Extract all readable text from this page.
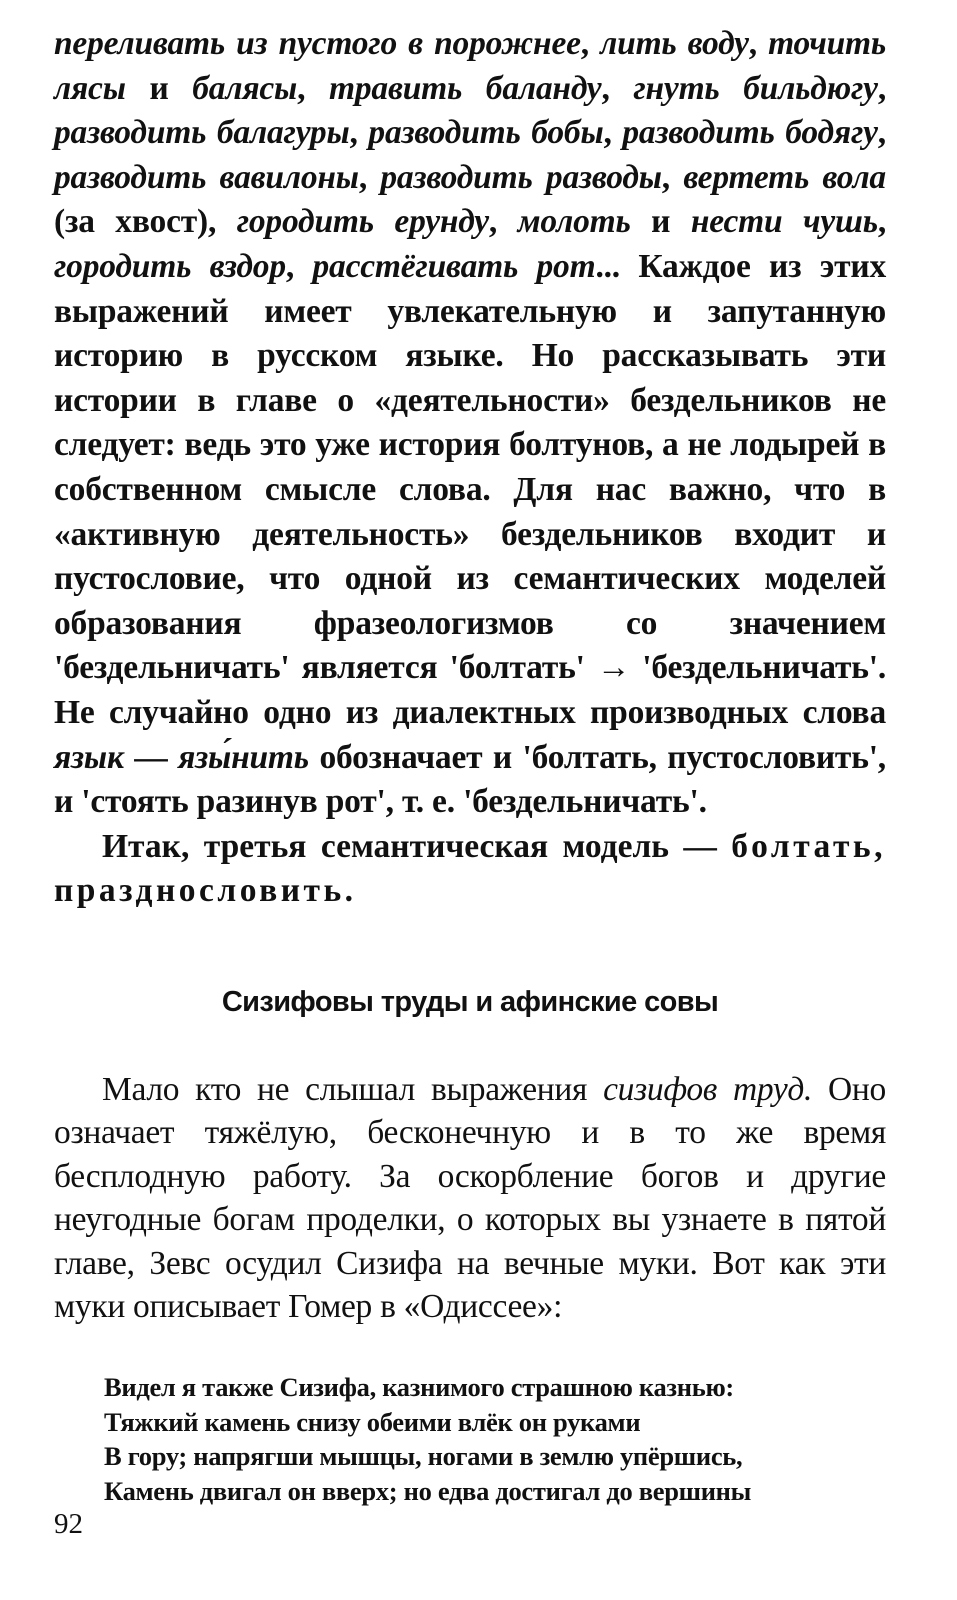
переливать из пустого в порожнее, лить воду, точить лясы и балясы, травить баланду, гнуть бильдюгу, разводить балагуры, разводить бобы, разводить бодягу, разводить вавилоны, разводить разводы, вертеть вола (за хвост), городить ерунду, молоть и нести чушь, городить вздор, расстёгивать рот... Каждое из этих выражений имеет увлекательную и запутанную историю в русском языке. Но рассказывать эти истории в главе о «деятельности» бездельников не следует: ведь это уже история болтунов, а не лодырей в собственном смысле слова. Для нас важно, что в «активную деятельность» бездельников входит и пустословие, что одной из семантических моделей образования фразеологизмов со значением 'бездельничать' является 'болтать' → 'бездельничать'. Не случайно одно из диалектных производных слова язык — язы́нить обозначает и 'болтать, пустословить', и 'стоять разинув рот', т. е. 'бездельничать'.

Итак, третья семантическая модель — болтать, празднословить.

Сизифовы труды и афинские совы

Мало кто не слышал выражения сизифов труд. Оно означает тяжёлую, бесконечную и в то же время бесплодную работу. За оскорбление богов и другие неугодные богам проделки, о которых вы узнаете в пятой главе, Зевс осудил Сизифа на вечные муки. Вот как эти муки описывает Гомер в «Одиссее»:

Видел я также Сизифа, казнимого страшною казнью:
Тяжкий камень снизу обеими влёк он руками
В гору; напрягши мышцы, ногами в землю упёршись,
Камень двигал он вверх; но едва достигал до вершины
92
